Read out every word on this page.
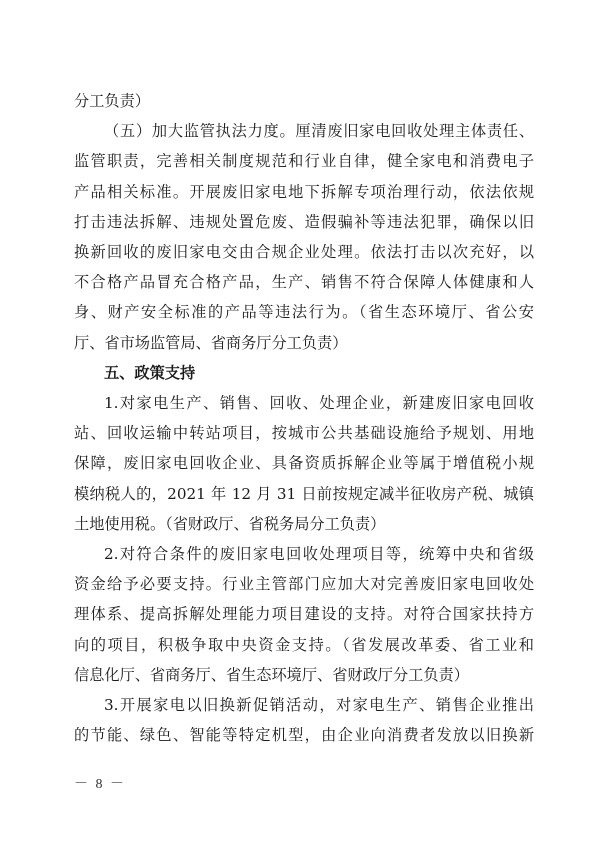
分工负责）
（五）加大监管执法力度。厘清废旧家电回收处理主体责任、
监管职责，完善相关制度规范和行业自律，健全家电和消费电子
产品相关标准。开展废旧家电地下拆解专项治理行动，依法依规
打击违法拆解、违规处置危废、造假骗补等违法犯罪，确保以旧
换新回收的废旧家电交由合规企业处理。依法打击以次充好，以
不合格产品冒充合格产品，生产、销售不符合保障人体健康和人
身、财产安全标准的产品等违法行为。（省生态环境厅、省公安
厅、省市场监管局、省商务厅分工负责）
五、政策支持
1.对家电生产、销售、回收、处理企业，新建废旧家电回收
站、回收运输中转站项目，按城市公共基础设施给予规划、用地
保障，废旧家电回收企业、具备资质拆解企业等属于增值税小规
模纳税人的，2021 年 12 月 31 日前按规定减半征收房产税、城镇
土地使用税。（省财政厅、省税务局分工负责）
2.对符合条件的废旧家电回收处理项目等，统筹中央和省级
资金给予必要支持。行业主管部门应加大对完善废旧家电回收处
理体系、提高拆解处理能力项目建设的支持。对符合国家扶持方
向的项目，积极争取中央资金支持。（省发展改革委、省工业和
信息化厅、省商务厅、省生态环境厅、省财政厅分工负责）
3.开展家电以旧换新促销活动，对家电生产、销售企业推出
的节能、绿色、智能等特定机型，由企业向消费者发放以旧换新
－ 8 －
